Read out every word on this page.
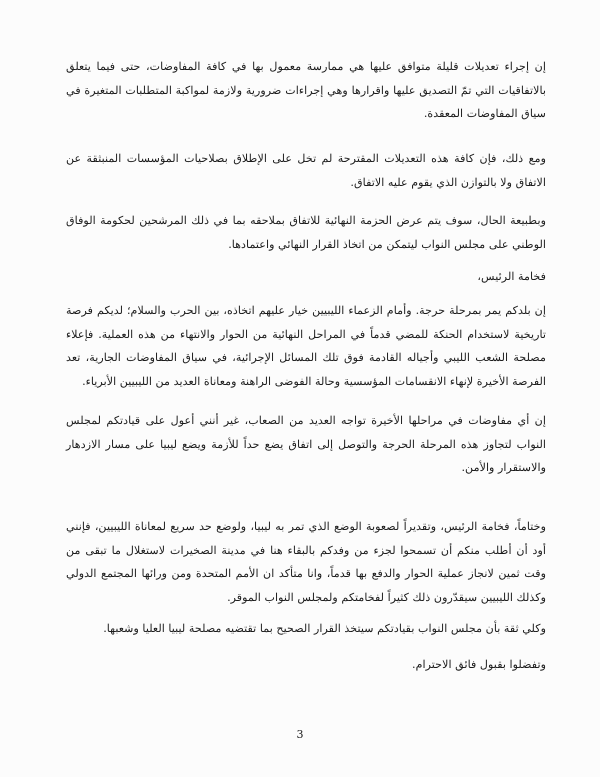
إن إجراء تعديلات قليلة متوافق عليها هي ممارسة معمول بها في كافة المفاوضات، حتى فيما يتعلق بالاتفاقيات التي تمّ التصديق عليها واقرارها وهي إجراءات ضرورية ولازمة لمواكبة المتطلبات المتغيرة في سياق المفاوضات المعقدة.

ومع ذلك، فإن كافة هذه التعديلات المقترحة لم تخل على الإطلاق بصلاحيات المؤسسات المنبثقة عن الاتفاق ولا بالتوازن الذي يقوم عليه الاتفاق.

وبطبيعة الحال، سوف يتم عرض الحزمة النهائية للاتفاق بملاحقه بما في ذلك المرشحين لحكومة الوفاق الوطني على مجلس النواب ليتمكن من اتخاذ القرار النهائي واعتمادها.

فخامة الرئيس،

إن بلدكم يمر بمرحلة حرجة. وأمام الزعماء الليبيين خيار عليهم اتخاذه، بين الحرب والسلام؛ لديكم فرصة تاريخية لاستخدام الحنكة للمضي قدماً في المراحل النهائية من الحوار والانتهاء من هذه العملية. فإعلاء مصلحة الشعب الليبي وأجياله القادمة فوق تلك المسائل الإجرائية، في سياق المفاوضات الجارية، تعد الفرصة الأخيرة لإنهاء الانقسامات المؤسسية وحالة الفوضى الراهنة ومعاناة العديد من الليبيين الأبرياء.

إن أي مفاوضات في مراحلها الأخيرة تواجه العديد من الصعاب، غير أنني أعول على قيادتكم لمجلس النواب لتجاوز هذه المرحلة الحرجة والتوصل إلى اتفاق يضع حداً للأزمة ويضع ليبيا على مسار الازدهار والاستقرار والأمن.

وختاماً، فخامة الرئيس، وتقديراً لصعوبة الوضع الذي تمر به ليبيا، ولوضع حد سريع لمعاناة الليبيين، فإنني أود أن أطلب منكم أن تسمحوا لجزء من وفدكم بالبقاء هنا في مدينة الصخيرات لاستغلال ما تبقى من وقت ثمين لانجاز عملية الحوار والدفع بها قدماً، وانا متأكد ان الأمم المتحدة ومن ورائها المجتمع الدولي وكذلك الليبيين سيقدّرون ذلك كثيراً لفخامتكم ولمجلس النواب الموقر.

وكلي ثقة بأن مجلس النواب بقيادتكم سيتخذ القرار الصحيح بما تقتضيه مصلحة ليبيا العليا وشعبها.

وتفضلوا بقبول فائق الاحترام.

3
